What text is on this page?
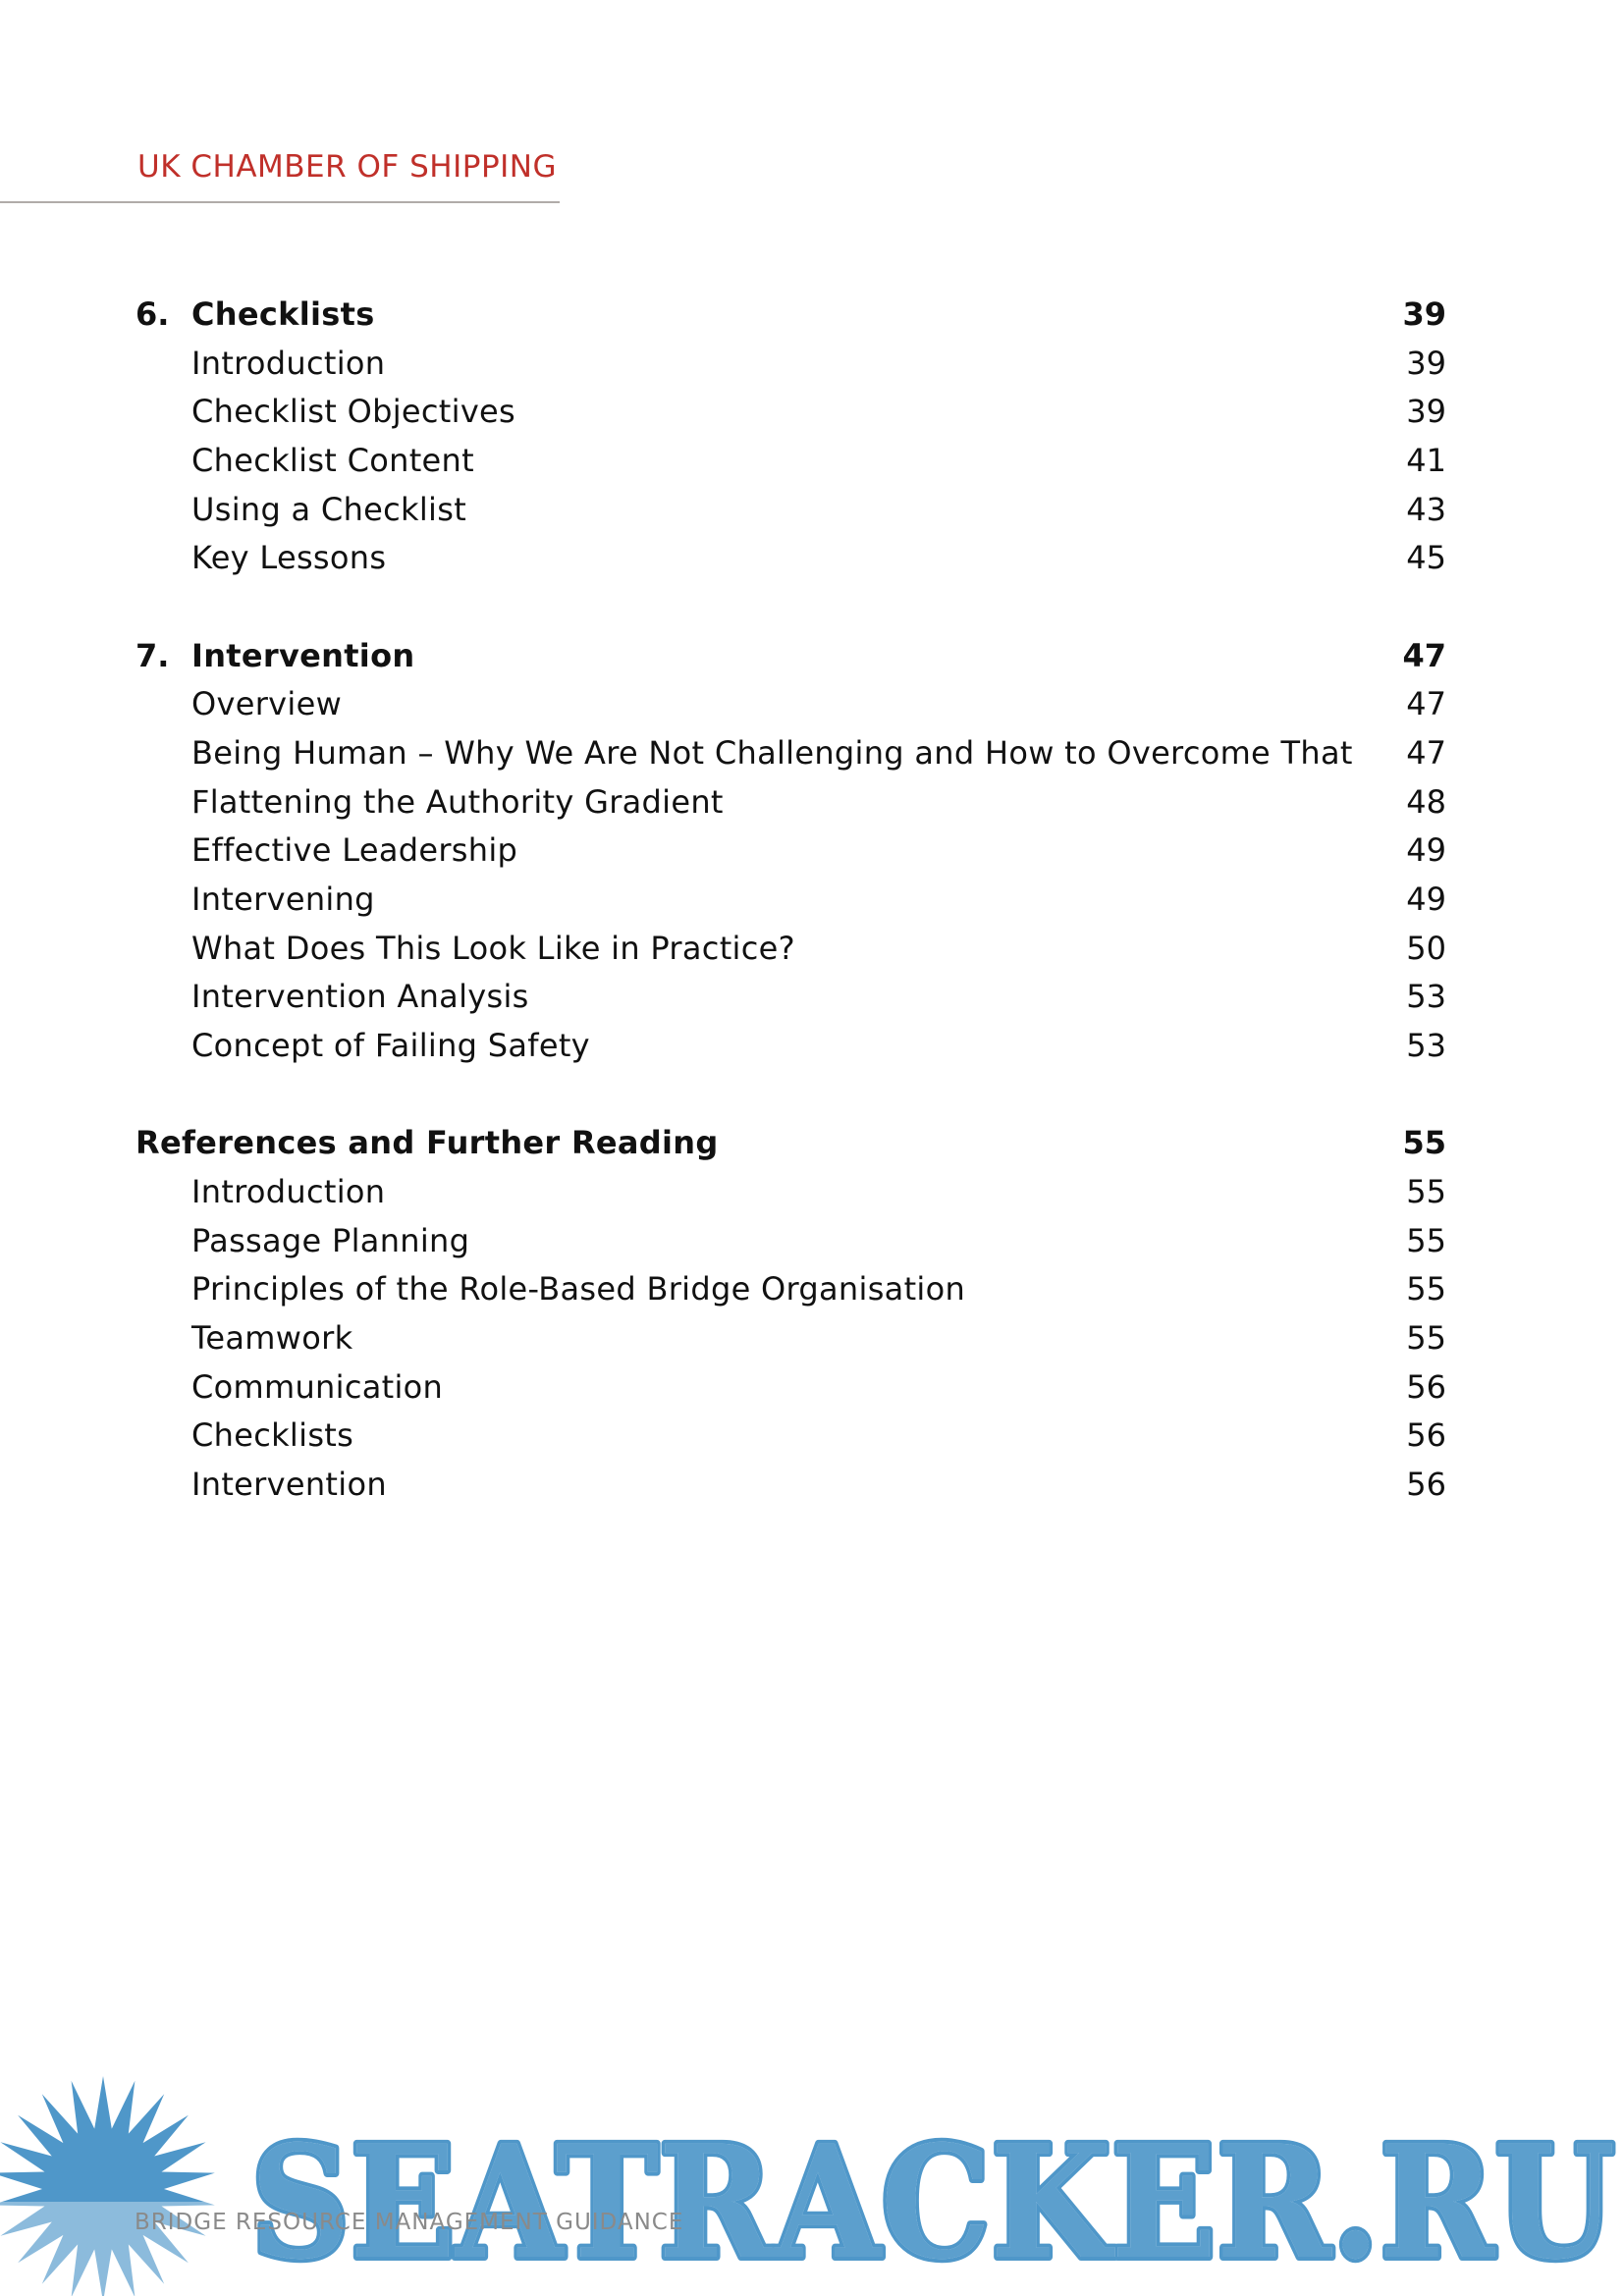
UK CHAMBER OF SHIPPING
6. Checklists	39
Introduction	39
Checklist Objectives	39
Checklist Content	41
Using a Checklist	43
Key Lessons	45
7. Intervention	47
Overview	47
Being Human – Why We Are Not Challenging and How to Overcome That 47
Flattening the Authority Gradient	48
Effective Leadership	49
Intervening	49
What Does This Look Like in Practice?	50
Intervention Analysis	53
Concept of Failing Safety	53
References and Further Reading	55
Introduction	55
Passage Planning	55
Principles of the Role-Based Bridge Organisation	55
Teamwork	55
Communication	56
Checklists	56
Intervention	56
SEATRACKER.RU
SEATRACKER.RU
BRIDGE RESOURCE MANAGEMENT GUIDANCE
